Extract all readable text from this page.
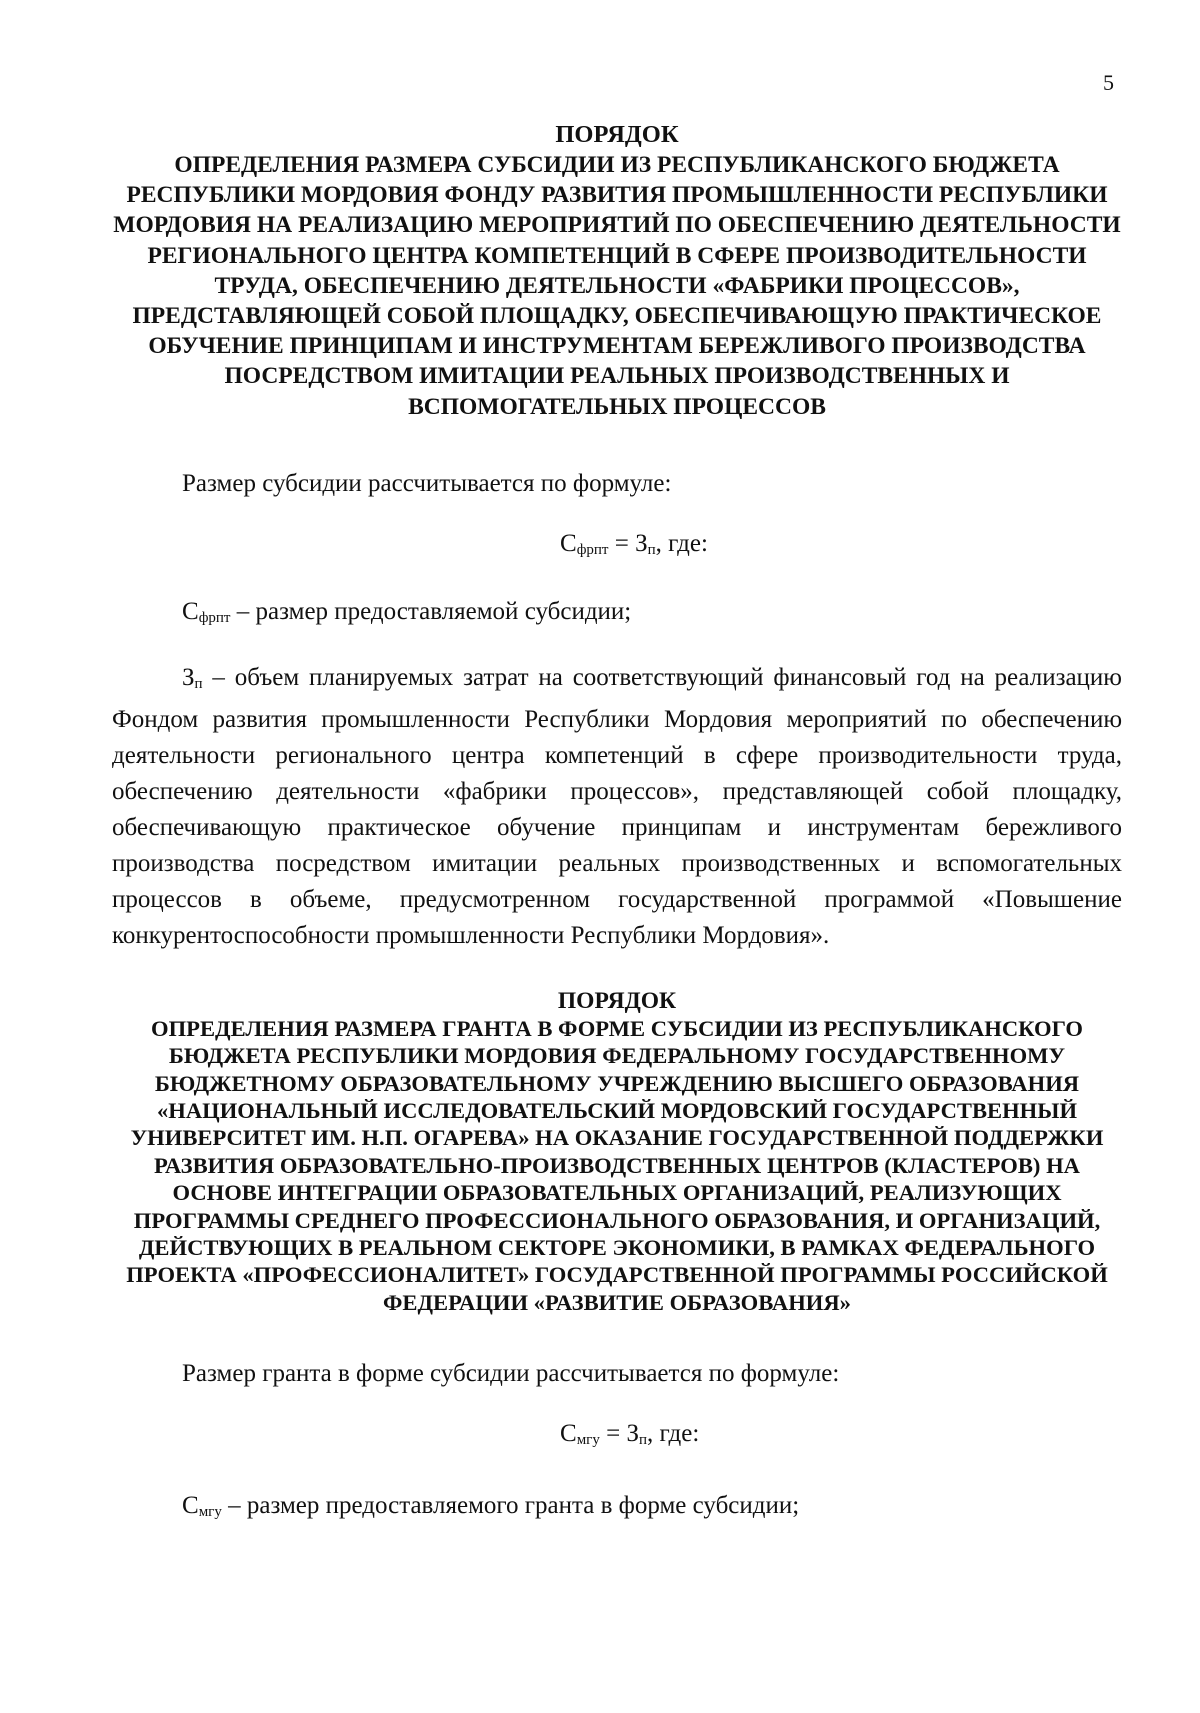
5

ПОРЯДОК

ОПРЕДЕЛЕНИЯ РАЗМЕРА СУБСИДИИ ИЗ РЕСПУБЛИКАНСКОГО БЮДЖЕТА РЕСПУБЛИКИ МОРДОВИЯ ФОНДУ РАЗВИТИЯ ПРОМЫШЛЕННОСТИ РЕСПУБЛИКИ МОРДОВИЯ НА РЕАЛИЗАЦИЮ МЕРОПРИЯТИЙ ПО ОБЕСПЕЧЕНИЮ ДЕЯТЕЛЬНОСТИ РЕГИОНАЛЬНОГО ЦЕНТРА КОМПЕТЕНЦИЙ В СФЕРЕ ПРОИЗВОДИТЕЛЬНОСТИ ТРУДА, ОБЕСПЕЧЕНИЮ ДЕЯТЕЛЬНОСТИ «ФАБРИКИ ПРОЦЕССОВ», ПРЕДСТАВЛЯЮЩЕЙ СОБОЙ ПЛОЩАДКУ, ОБЕСПЕЧИВАЮЩУЮ ПРАКТИЧЕСКОЕ ОБУЧЕНИЕ ПРИНЦИПАМ И ИНСТРУМЕНТАМ БЕРЕЖЛИВОГО ПРОИЗВОДСТВА ПОСРЕДСТВОМ ИМИТАЦИИ РЕАЛЬНЫХ ПРОИЗВОДСТВЕННЫХ И ВСПОМОГАТЕЛЬНЫХ ПРОЦЕССОВ

Размер субсидии рассчитывается по формуле:

$С_{фрпт} = З_п$, где:

$С_{фрпт}$ – размер предоставляемой субсидии;

$З_п$ – объем планируемых затрат на соответствующий финансовый год на реализацию Фондом развития промышленности Республики Мордовия мероприятий по обеспечению деятельности регионального центра компетенций в сфере производительности труда, обеспечению деятельности «фабрики процессов», представляющей собой площадку, обеспечивающую практическое обучение принципам и инструментам бережливого производства посредством имитации реальных производственных и вспомогательных процессов в объеме, предусмотренном государственной программой «Повышение конкурентоспособности промышленности Республики Мордовия».

ПОРЯДОК

ОПРЕДЕЛЕНИЯ РАЗМЕРА ГРАНТА В ФОРМЕ СУБСИДИИ ИЗ РЕСПУБЛИКАНСКОГО БЮДЖЕТА РЕСПУБЛИКИ МОРДОВИЯ ФЕДЕРАЛЬНОМУ ГОСУДАРСТВЕННОМУ БЮДЖЕТНОМУ ОБРАЗОВАТЕЛЬНОМУ УЧРЕЖДЕНИЮ ВЫСШЕГО ОБРАЗОВАНИЯ «НАЦИОНАЛЬНЫЙ ИССЛЕДОВАТЕЛЬСКИЙ МОРДОВСКИЙ ГОСУДАРСТВЕННЫЙ УНИВЕРСИТЕТ ИМ. Н.П. ОГАРЕВА» НА ОКАЗАНИЕ ГОСУДАРСТВЕННОЙ ПОДДЕРЖКИ РАЗВИТИЯ ОБРАЗОВАТЕЛЬНО-ПРОИЗВОДСТВЕННЫХ ЦЕНТРОВ (КЛАСТЕРОВ) НА ОСНОВЕ ИНТЕГРАЦИИ ОБРАЗОВАТЕЛЬНЫХ ОРГАНИЗАЦИЙ, РЕАЛИЗУЮЩИХ ПРОГРАММЫ СРЕДНЕГО ПРОФЕССИОНАЛЬНОГО ОБРАЗОВАНИЯ, И ОРГАНИЗАЦИЙ, ДЕЙСТВУЮЩИХ В РЕАЛЬНОМ СЕКТОРЕ ЭКОНОМИКИ, В РАМКАХ ФЕДЕРАЛЬНОГО ПРОЕКТА «ПРОФЕССИОНАЛИТЕТ» ГОСУДАРСТВЕННОЙ ПРОГРАММЫ РОССИЙСКОЙ ФЕДЕРАЦИИ «РАЗВИТИЕ ОБРАЗОВАНИЯ»

Размер гранта в форме субсидии рассчитывается по формуле:

$С_{мгу} = З_п$, где:

$С_{мгу}$ – размер предоставляемого гранта в форме субсидии;
